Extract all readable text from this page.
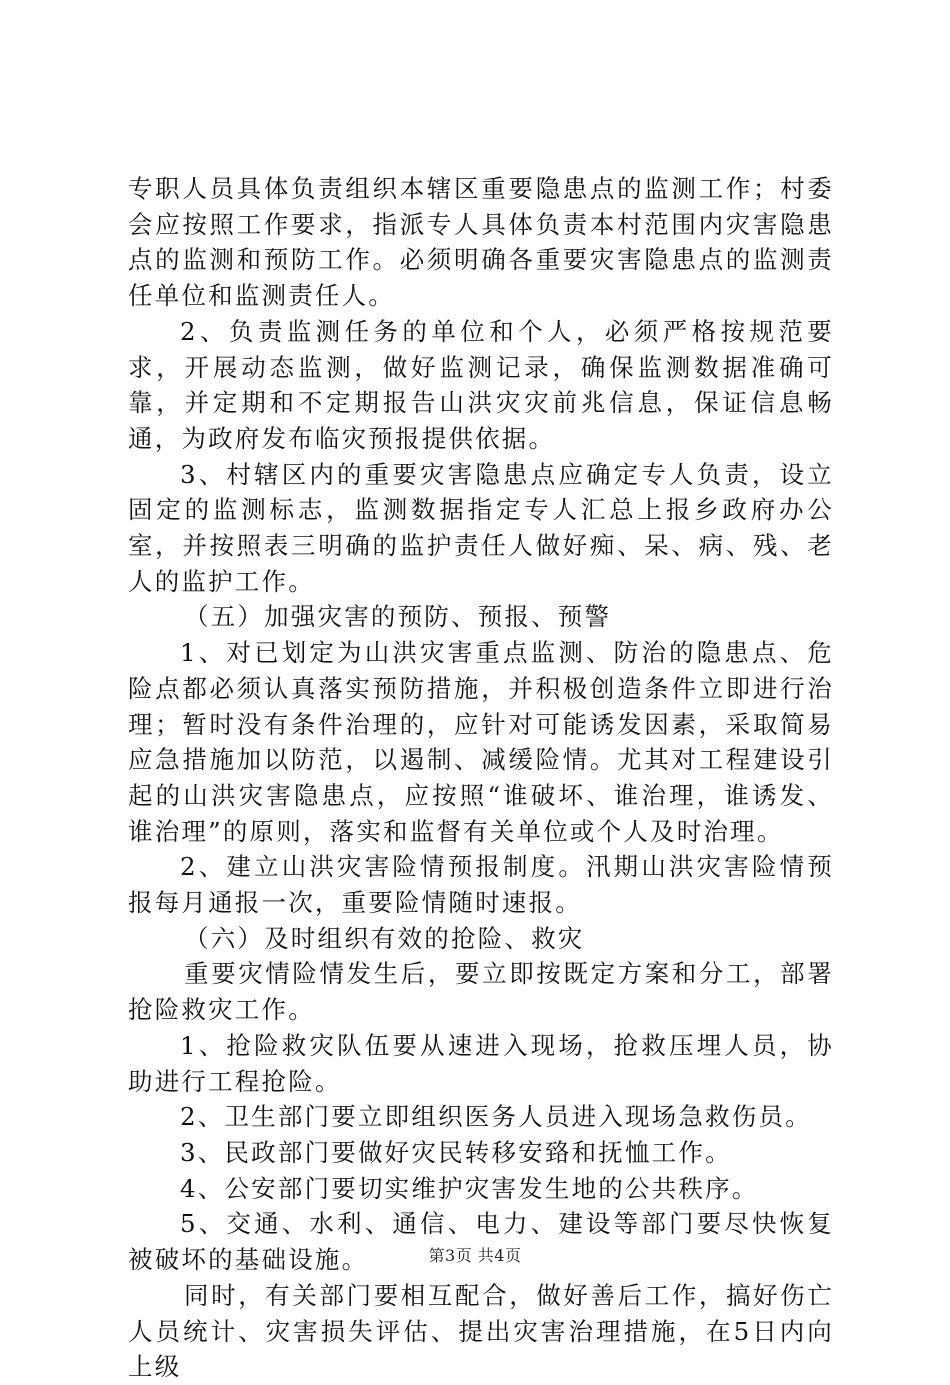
专职人员具体负责组织本辖区重要隐患点的监测工作；村委会应按照工作要求，指派专人具体负责本村范围内灾害隐患点的监测和预防工作。必须明确各重要灾害隐患点的监测责任单位和监测责任人。

2、负责监测任务的单位和个人，必须严格按规范要求，开展动态监测，做好监测记录，确保监测数据准确可靠，并定期和不定期报告山洪灾灾前兆信息，保证信息畅通，为政府发布临灾预报提供依据。

3、村辖区内的重要灾害隐患点应确定专人负责，设立固定的监测标志，监测数据指定专人汇总上报乡政府办公室，并按照表三明确的监护责任人做好痴、呆、病、残、老人的监护工作。

（五）加强灾害的预防、预报、预警

1、对已划定为山洪灾害重点监测、防治的隐患点、危险点都必须认真落实预防措施，并积极创造条件立即进行治理；暂时没有条件治理的，应针对可能诱发因素，采取简易应急措施加以防范，以遏制、减缓险情。尤其对工程建设引起的山洪灾害隐患点，应按照“谁破坏、谁治理，谁诱发、谁治理”的原则，落实和监督有关单位或个人及时治理。

2、建立山洪灾害险情预报制度。汛期山洪灾害险情预报每月通报一次，重要险情随时速报。

（六）及时组织有效的抢险、救灾

重要灾情险情发生后，要立即按既定方案和分工，部署抢险救灾工作。

1、抢险救灾队伍要从速进入现场，抢救压埋人员，协助进行工程抢险。

2、卫生部门要立即组织医务人员进入现场急救伤员。

3、民政部门要做好灾民转移安臵和抚恤工作。

4、公安部门要切实维护灾害发生地的公共秩序。

5、交通、水利、通信、电力、建设等部门要尽快恢复被破坏的基础设施。

同时，有关部门要相互配合，做好善后工作，搞好伤亡人员统计、灾害损失评估、提出灾害治理措施，在5日内向上级

第3页 共4页
